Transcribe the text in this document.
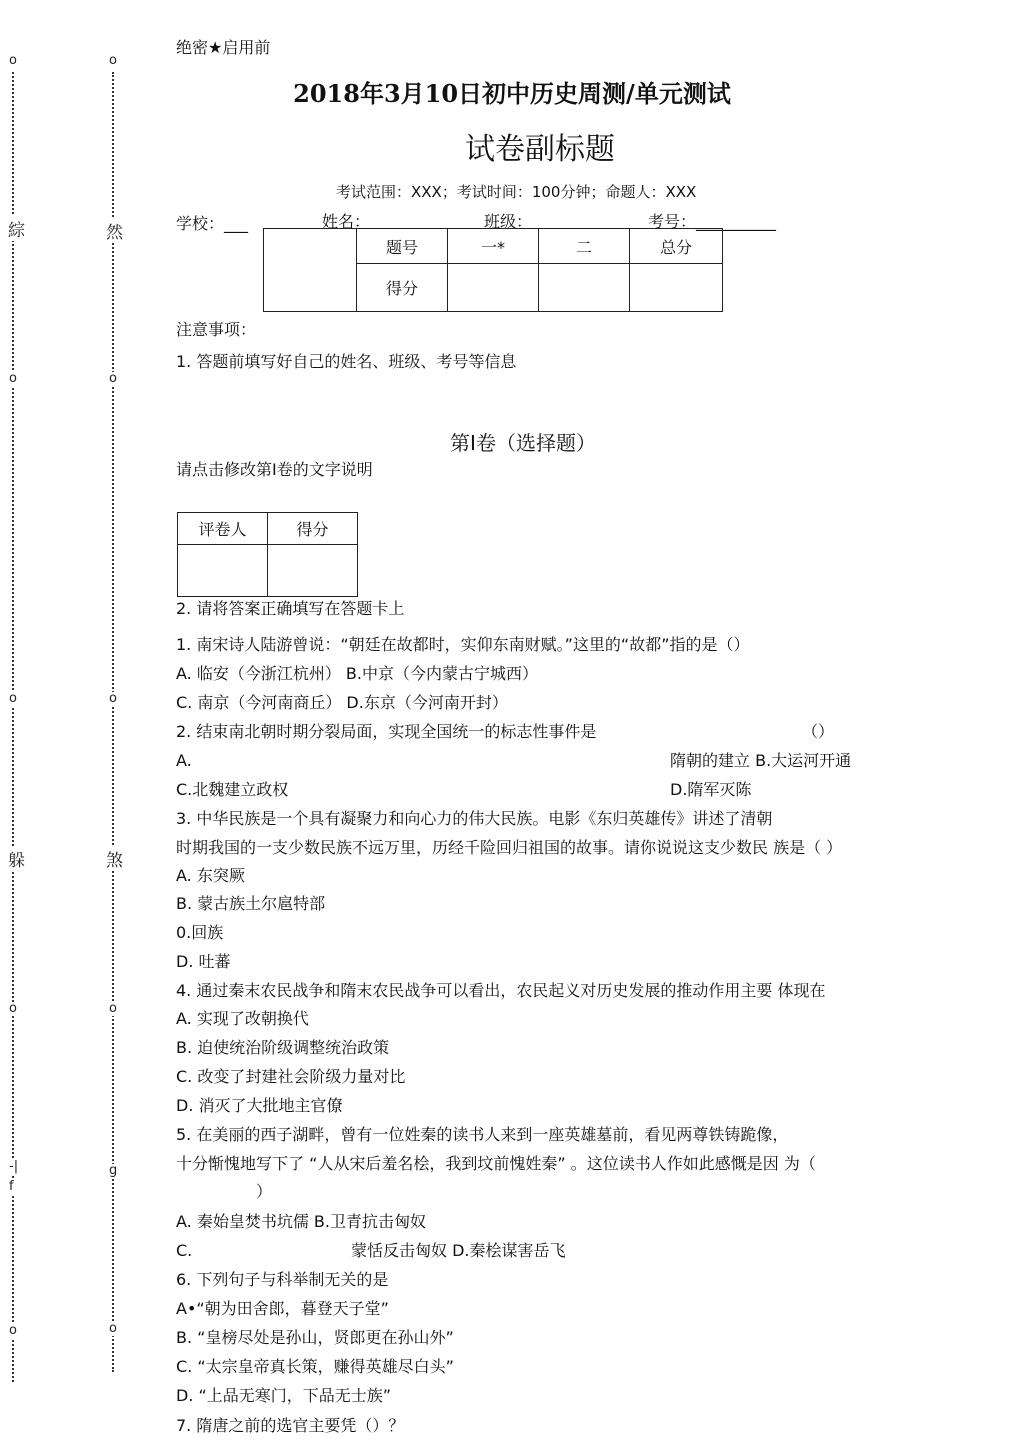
o
綜
o
o
躲
o
-|
f
o
o
然
o
o
煞
o
g
o
绝密★启用前
2018年3月10日初中历史周测/单元测试
试卷副标题
考试范围：XXX；考试时间：100分钟；命题人：XXX
学校：___	姓名：	班级：	考号：__________
	题号	一*	二	总分
	得分			
注意事项：
1. 答题前填写好自己的姓名、班级、考号等信息
第I卷（选择题）
请点击修改第I卷的文字说明
评卷人	得分

2. 请将答案正确填写在答题卡上
1. 南宋诗人陆游曾说：“朝廷在故都时，实仰东南财赋。”这里的“故都”指的是（）
A. 临安（今浙江杭州） B.中京（今内蒙古宁城西）
C. 南京（今河南商丘） D.东京（今河南开封）
2. 结束南北朝时期分裂局面，实现全国统一的标志性事件是	（）
A.	隋朝的建立 B.大运河开通
C.北魏建立政权	D.隋军灭陈
3. 中华民族是一个具有凝聚力和向心力的伟大民族。电影《东归英雄传》讲述了清朝
时期我国的一支少数民族不远万里，历经千险回归祖国的故事。请你说说这支少数民 族是（ ）
A. 东突厥
B. 蒙古族土尔扈特部
0.回族
D. 吐蕃
4. 通过秦末农民战争和隋末农民战争可以看出，农民起义对历史发展的推动作用主要 体现在
A. 实现了改朝换代
B. 迫使统治阶级调整统治政策
C. 改变了封建社会阶级力量对比
D. 消灭了大批地主官僚
5. 在美丽的西子湖畔，曾有一位姓秦的读书人来到一座英雄墓前，看见两尊铁铸跪像，
十分惭愧地写下了 “人从宋后羞名桧，我到坟前愧姓秦” 。这位读书人作如此感慨是因 为（
）
A. 秦始皇焚书坑儒 B.卫青抗击匈奴
C.	蒙恬反击匈奴 D.秦桧谋害岳飞
6. 下列句子与科举制无关的是
A•“朝为田舍郎，暮登天子堂”
B. “皇榜尽处是孙山，贤郎更在孙山外”
C. “太宗皇帝真长策，赚得英雄尽白头”
D. “上品无寒门，下品无士族”
7. 隋唐之前的选官主要凭（）？
